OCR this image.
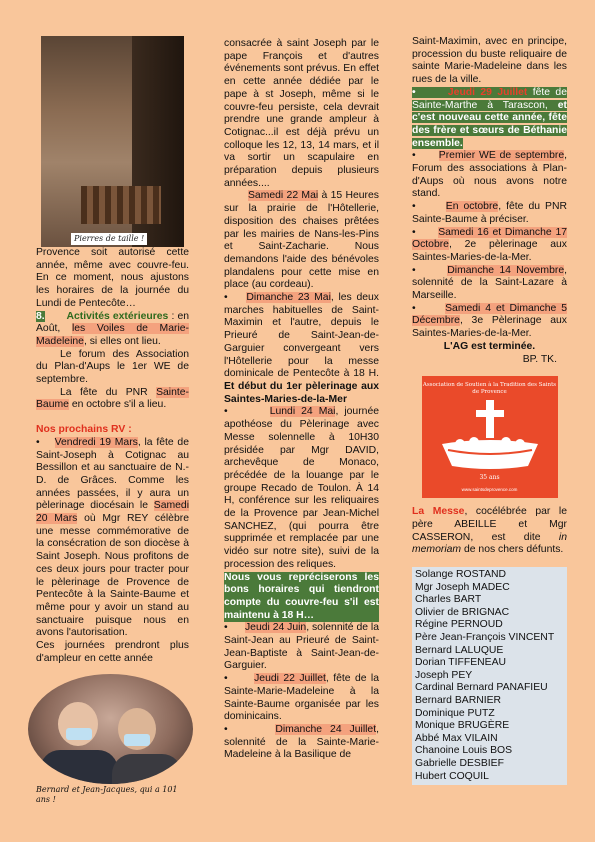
Pierres de taille !

Provence soit autorisé cette année, même avec couvre-feu. En ce moment, nous ajustons les horaires de la journée du Lundi de Pentecôte…

8. Activités extérieures : en Août, les Voiles de Marie-Madeleine, si elles ont lieu.

Le forum des Association du Plan-d'Aups le 1er WE de septembre.

La fête du PNR Sainte-Baume en octobre s'il a lieu.

Nos prochains RV :

• Vendredi 19 Mars, la fête de Saint-Joseph à Cotignac au Bessillon et au sanctuaire de N.-D. de Grâces. Comme les années passées, il y aura un pèlerinage diocésain le Samedi 20 Mars où Mgr REY célèbre une messe commémorative de la consécration de son diocèse à Saint Joseph. Nous profitons de ces deux jours pour tracter pour le pèlerinage de Provence de Pentecôte à la Sainte-Baume et même pour y avoir un stand au sanctuaire puisque nous en avons l'autorisation.

Ces journées prendront plus d'ampleur en cette année

Bernard et Jean-Jacques, qui a 101 ans !

consacrée à saint Joseph par le pape François et d'autres événements sont prévus. En effet en cette année dédiée par le pape à st Joseph, même si le couvre-feu persiste, cela devrait prendre une grande ampleur à Cotignac...il est déjà prévu un colloque les 12, 13, 14 mars, et il va sortir un scapulaire en préparation depuis plusieurs années....

Samedi 22 Mai à 15 Heures sur la prairie de l'Hôtellerie, disposition des chaises prêtées par les mairies de Nans-les-Pins et Saint-Zacharie. Nous demandons l'aide des bénévoles plandalens pour cette mise en place (au cordeau).

• Dimanche 23 Mai, les deux marches habituelles de Saint-Maximin et l'autre, depuis le Prieuré de Saint-Jean-de-Garguier convergeant vers l'Hôtellerie pour la messe dominicale de Pentecôte à 18 H. Et début du 1er pèlerinage aux Saintes-Maries-de-la-Mer

•	Lundi 24 Mai, journée apothéose du Pèlerinage avec Messe solennelle à 10H30 présidée par Mgr DAVID, archevêque de Monaco, précédée de la louange par le groupe Recado de Toulon. À 14 H, conférence sur les reliquaires de la Provence par Jean-Michel SANCHEZ, (qui pourra être supprimée et remplacée par une vidéo sur notre site), suivi de la procession des reliques.

Nous vous repréciserons les bons horaires qui tiendront compte du couvre-feu s'il est maintenu à 18 H…

• Jeudi 24 Juin, solennité de la Saint-Jean au Prieuré de Saint-Jean-Baptiste à Saint-Jean-de-Garguier.

•	Jeudi 22 Juillet, fête de la Sainte-Marie-Madeleine à la Sainte-Baume organisée par les dominicains.

•	Dimanche 24 Juillet, solennité de la Sainte-Marie-Madeleine à la Basilique de

Saint-Maximin, avec en principe, procession du buste reliquaire de sainte Marie-Madeleine dans les rues de la ville.

•	Jeudi 29 Juillet fête de Sainte-Marthe à Tarascon, et c'est nouveau cette année, fête des frère et sœurs de Béthanie ensemble.

• Premier WE de septembre, Forum des associations à Plan-d'Aups où nous avons notre stand.

•	En octobre, fête du PNR Sainte-Baume à préciser.

• Samedi 16 et Dimanche 17 Octobre, 2e pèlerinage aux Saintes-Maries-de-la-Mer.

•	Dimanche 14 Novembre, solennité de la Saint-Lazare à Marseille.

•	Samedi 4 et Dimanche 5 Décembre, 3e Pèlerinage aux Saintes-Maries-de-la-Mer.

L'AG est terminée.

BP. TK.

Association de Soutien à la Tradition des Saints de Provence
35 ans
www.saintsdeprovence.com

La Messe, cocélébrée par le père ABEILLE et Mgr CASSERON, est dite in memoriam de nos chers défunts.

Solange ROSTAND
Mgr Joseph MADEC
Charles BART
Olivier de BRIGNAC
Régine PERNOUD
Père Jean-François VINCENT
Bernard LALUQUE
Dorian TIFFENEAU
Joseph PEY
Cardinal Bernard PANAFIEU
Bernard BARNIER
Dominique PUTZ
Monique BRUGÈRE
Abbé Max VILAIN
Chanoine Louis BOS
Gabrielle DESBIEF
Hubert COQUIL
